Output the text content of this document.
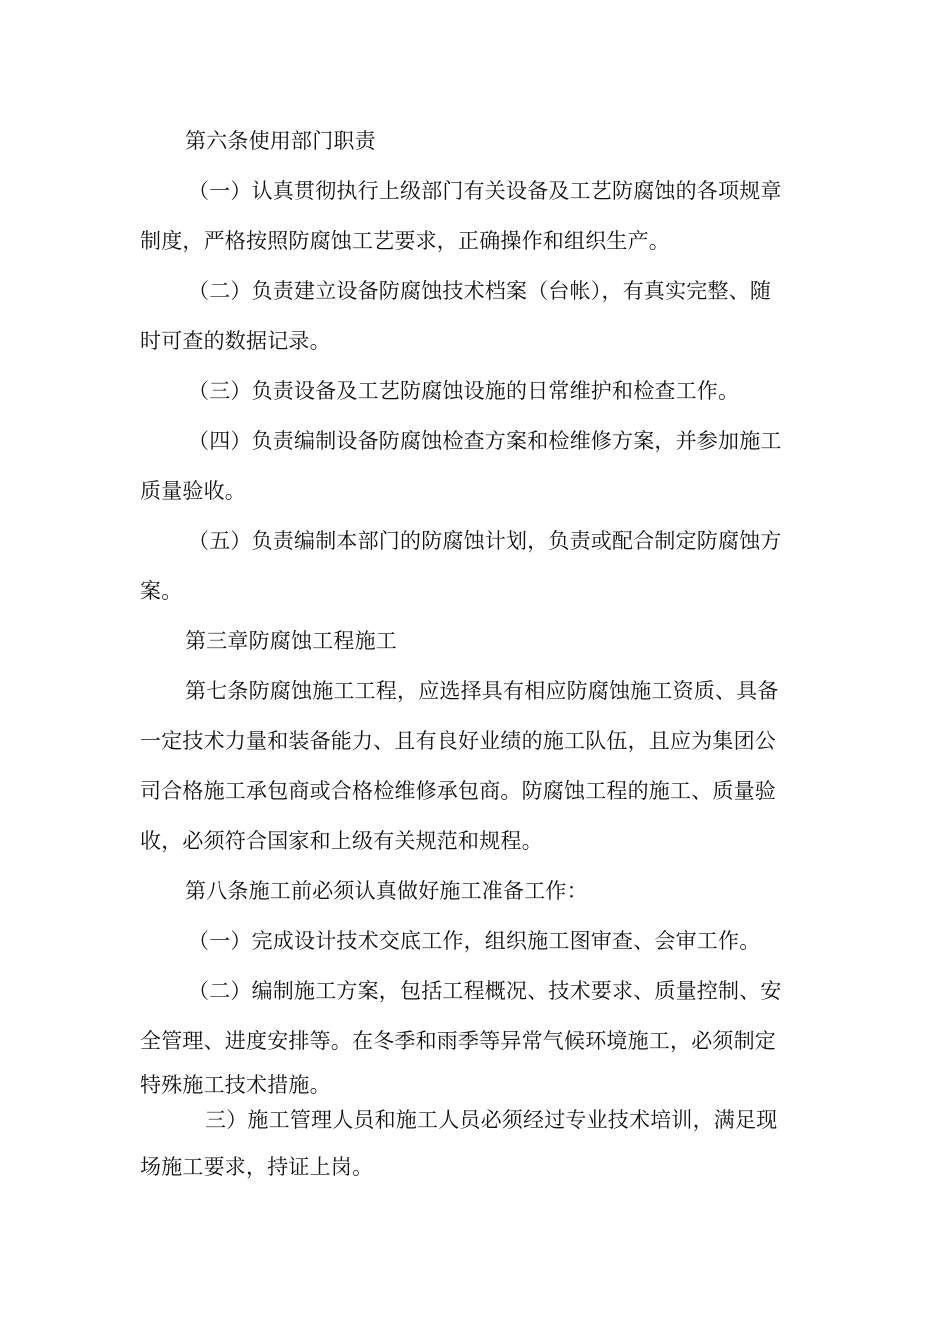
第六条使用部门职责
（一）认真贯彻执行上级部门有关设备及工艺防腐蚀的各项规章
制度，严格按照防腐蚀工艺要求，正确操作和组织生产。
（二）负责建立设备防腐蚀技术档案（台帐），有真实完整、随
时可查的数据记录。
（三）负责设备及工艺防腐蚀设施的日常维护和检查工作。
（四）负责编制设备防腐蚀检查方案和检维修方案，并参加施工
质量验收。
（五）负责编制本部门的防腐蚀计划，负责或配合制定防腐蚀方
案。
第三章防腐蚀工程施工
第七条防腐蚀施工工程，应选择具有相应防腐蚀施工资质、具备
一定技术力量和装备能力、且有良好业绩的施工队伍，且应为集团公
司合格施工承包商或合格检维修承包商。防腐蚀工程的施工、质量验
收，必须符合国家和上级有关规范和规程。
第八条施工前必须认真做好施工准备工作：
（一）完成设计技术交底工作，组织施工图审查、会审工作。
（二）编制施工方案，包括工程概况、技术要求、质量控制、安
全管理、进度安排等。在冬季和雨季等异常气候环境施工，必须制定
特殊施工技术措施。
三）施工管理人员和施工人员必须经过专业技术培训，满足现
场施工要求，持证上岗。
